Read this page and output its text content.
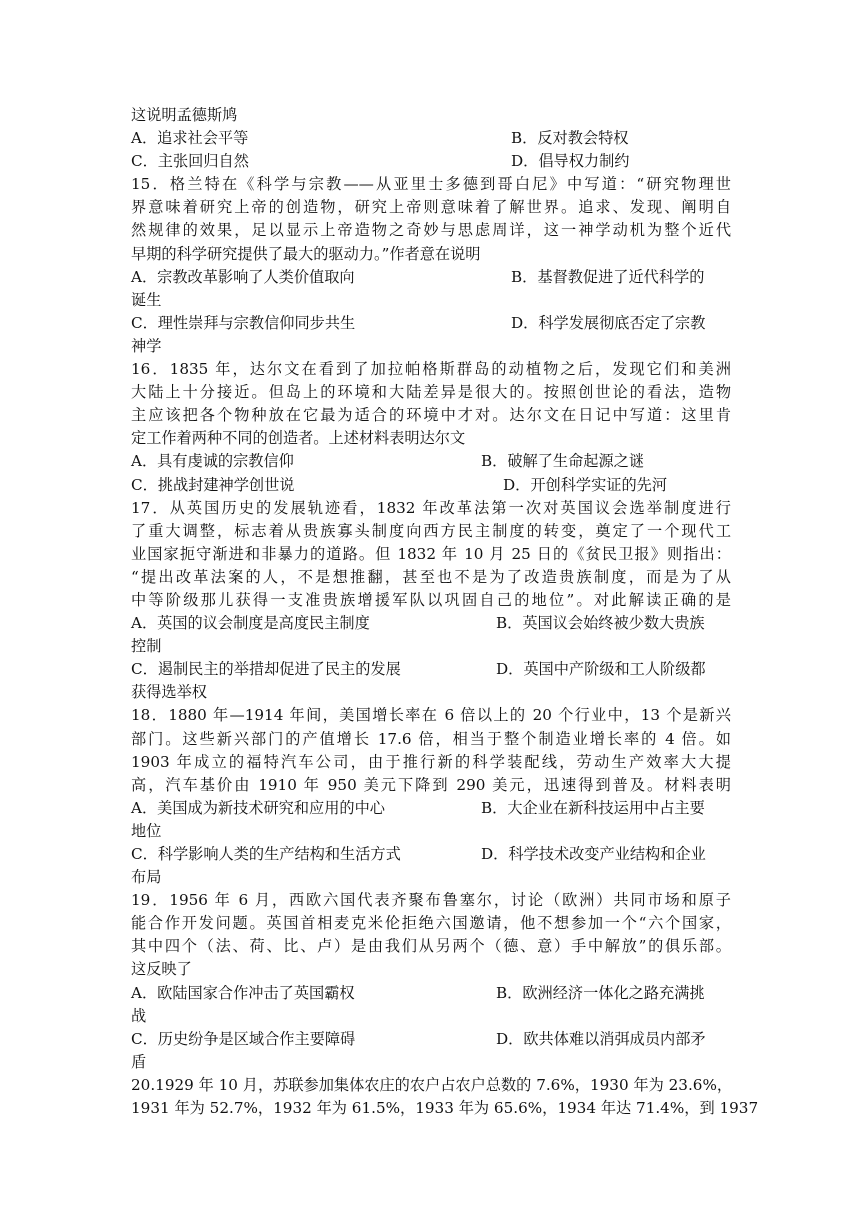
这说明孟德斯鸠
A．追求社会平等	B．反对教会特权
C．主张回归自然	D．倡导权力制约
15．格兰特在《科学与宗教——从亚里士多德到哥白尼》中写道：“研究物理世
界意味着研究上帝的创造物，研究上帝则意味着了解世界。追求、发现、阐明自
然规律的效果，足以显示上帝造物之奇妙与思虑周详，这一神学动机为整个近代
早期的科学研究提供了最大的驱动力。”作者意在说明
A．宗教改革影响了人类价值取向	B．基督教促进了近代科学的
诞生
C．理性崇拜与宗教信仰同步共生	D．科学发展彻底否定了宗教
神学
16．1835 年，达尔文在看到了加拉帕格斯群岛的动植物之后，发现它们和美洲
大陆上十分接近。但岛上的环境和大陆差异是很大的。按照创世论的看法，造物
主应该把各个物种放在它最为适合的环境中才对。达尔文在日记中写道：这里肯
定工作着两种不同的创造者。上述材料表明达尔文
A．具有虔诚的宗教信仰	B．破解了生命起源之谜
C．挑战封建神学创世说	D．开创科学实证的先河
17．从英国历史的发展轨迹看，1832 年改革法第一次对英国议会选举制度进行
了重大调整，标志着从贵族寡头制度向西方民主制度的转变，奠定了一个现代工
业国家扼守渐进和非暴力的道路。但 1832 年 10 月 25 日的《贫民卫报》则指出：
“提出改革法案的人，不是想推翻，甚至也不是为了改造贵族制度，而是为了从
中等阶级那儿获得一支准贵族增援军队以巩固自己的地位”。对此解读正确的是
A．英国的议会制度是高度民主制度	B．英国议会始终被少数大贵族
控制
C．遏制民主的举措却促进了民主的发展	D．英国中产阶级和工人阶级都
获得选举权
18．1880 年—1914 年间，美国增长率在 6 倍以上的 20 个行业中，13 个是新兴
部门。这些新兴部门的产值增长 17.6 倍，相当于整个制造业增长率的 4 倍。如
1903 年成立的福特汽车公司，由于推行新的科学装配线，劳动生产效率大大提
高，汽车基价由 1910 年 950 美元下降到 290 美元，迅速得到普及。材料表明
A．美国成为新技术研究和应用的中心	B．大企业在新科技运用中占主要
地位
C．科学影响人类的生产结构和生活方式	D．科学技术改变产业结构和企业
布局
19．1956 年 6 月，西欧六国代表齐聚布鲁塞尔，讨论（欧洲）共同市场和原子
能合作开发问题。英国首相麦克米伦拒绝六国邀请，他不想参加一个“六个国家，
其中四个（法、荷、比、卢）是由我们从另两个（德、意）手中解放”的俱乐部。
这反映了
A．欧陆国家合作冲击了英国霸权	B．欧洲经济一体化之路充满挑
战
C．历史纷争是区域合作主要障碍	D．欧共体难以消弭成员内部矛
盾
20.1929 年 10 月，苏联参加集体农庄的农户占农户总数的 7.6%，1930 年为 23.6%，
1931 年为 52.7%，1932 年为 61.5%，1933 年为 65.6%，1934 年达 71.4%，到 1937
